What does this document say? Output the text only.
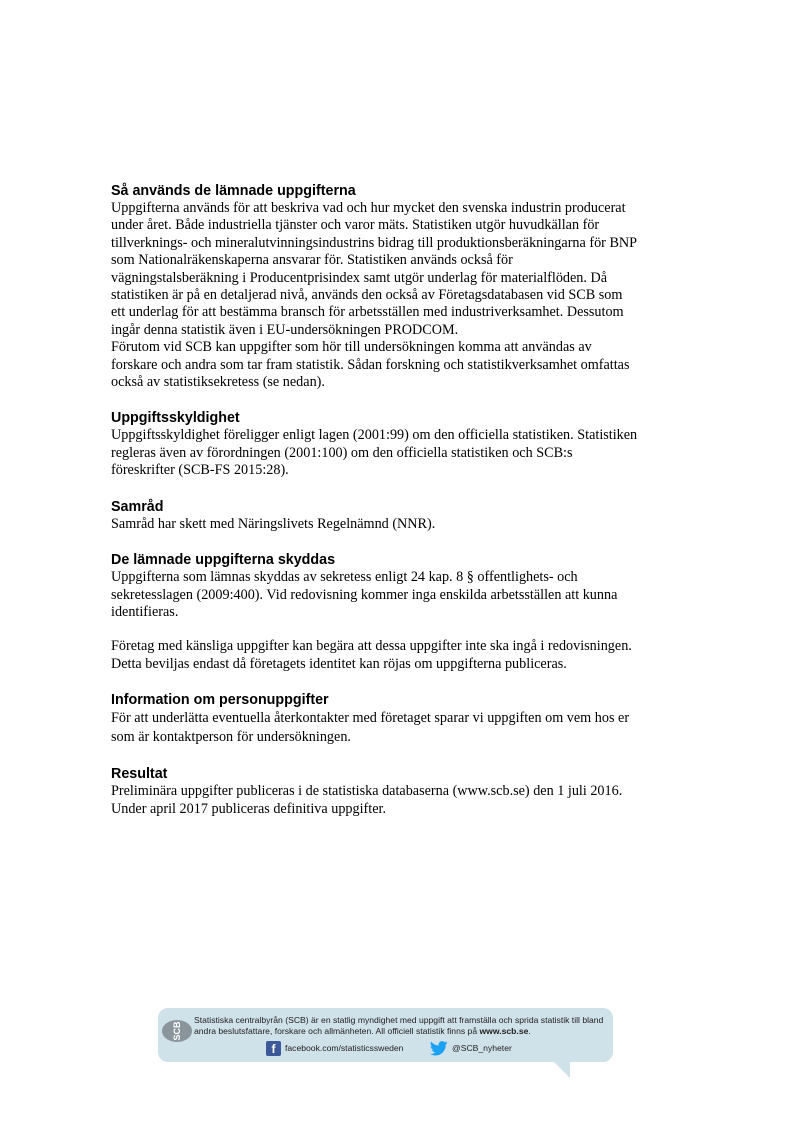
Så används de lämnade uppgifterna

Uppgifterna används för att beskriva vad och hur mycket den svenska industrin producerat under året. Både industriella tjänster och varor mäts. Statistiken utgör huvudkällan för tillverknings- och mineralutvinningsindustrins bidrag till produktionsberäkningarna för BNP som Nationalräkenskaperna ansvarar för. Statistiken används också för vägningstalsberäkning i Producentprisindex samt utgör underlag för materialflöden. Då statistiken är på en detaljerad nivå, används den också av Företagsdatabasen vid SCB som ett underlag för att bestämma bransch för arbetsställen med industriverksamhet. Dessutom ingår denna statistik även i EU-undersökningen PRODCOM.

Förutom vid SCB kan uppgifter som hör till undersökningen komma att användas av forskare och andra som tar fram statistik. Sådan forskning och statistikverksamhet omfattas också av statistiksekretess (se nedan).

Uppgiftsskyldighet

Uppgiftsskyldighet föreligger enligt lagen (2001:99) om den officiella statistiken. Statistiken regleras även av förordningen (2001:100) om den officiella statistiken och SCB:s föreskrifter (SCB-FS 2015:28).

Samråd

Samråd har skett med Näringslivets Regelnämnd (NNR).

De lämnade uppgifterna skyddas

Uppgifterna som lämnas skyddas av sekretess enligt 24 kap. 8 § offentlighets- och sekretesslagen (2009:400). Vid redovisning kommer inga enskilda arbetsställen att kunna identifieras.

Företag med känsliga uppgifter kan begära att dessa uppgifter inte ska ingå i redovisningen. Detta beviljas endast då företagets identitet kan röjas om uppgifterna publiceras.

Information om personuppgifter

För att underlätta eventuella återkontakter med företaget sparar vi uppgiften om vem hos er som är kontaktperson för undersökningen.

Resultat

Preliminära uppgifter publiceras i de statistiska databaserna (www.scb.se) den 1 juli 2016. Under april 2017 publiceras definitiva uppgifter.

SCB
Statistiska centralbyrån (SCB) är en statlig myndighet med uppgift att framställa och sprida statistik till bland andra beslutsfattare, forskare och allmänheten. All officiell statistik finns på www.scb.se.
f	facebook.com/statisticssweden	@SCB_nyheter
